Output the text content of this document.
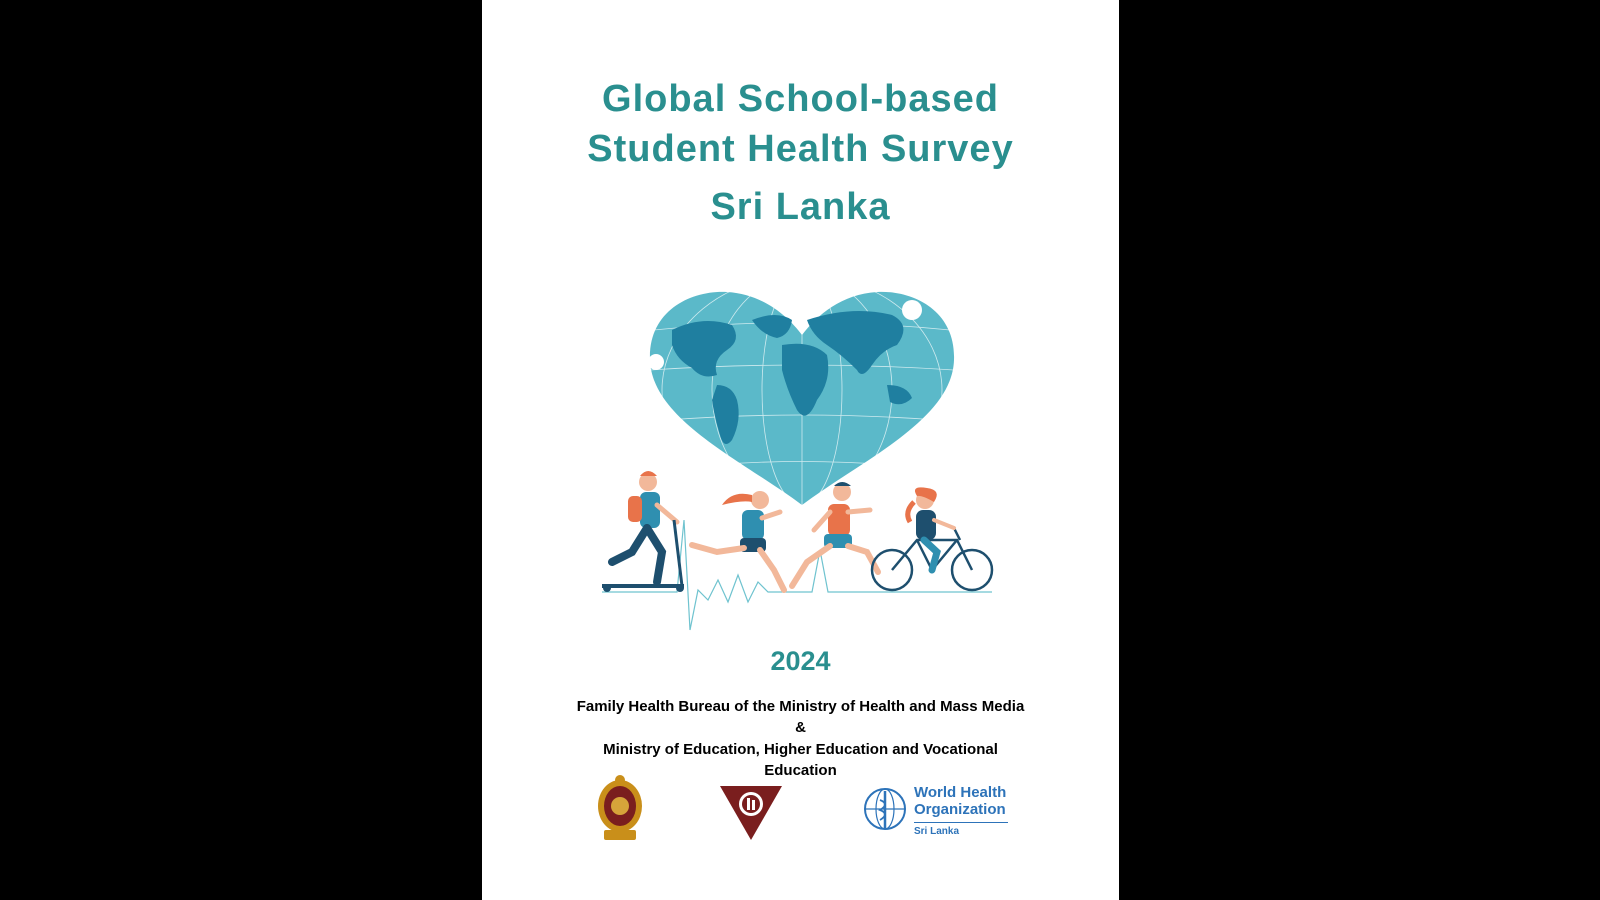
Global School-based
Student Health Survey
Sri Lanka
2024
Family Health Bureau of the Ministry of Health and Mass Media
&
Ministry of Education, Higher Education and Vocational
Education
World Health
Organization
Sri Lanka
